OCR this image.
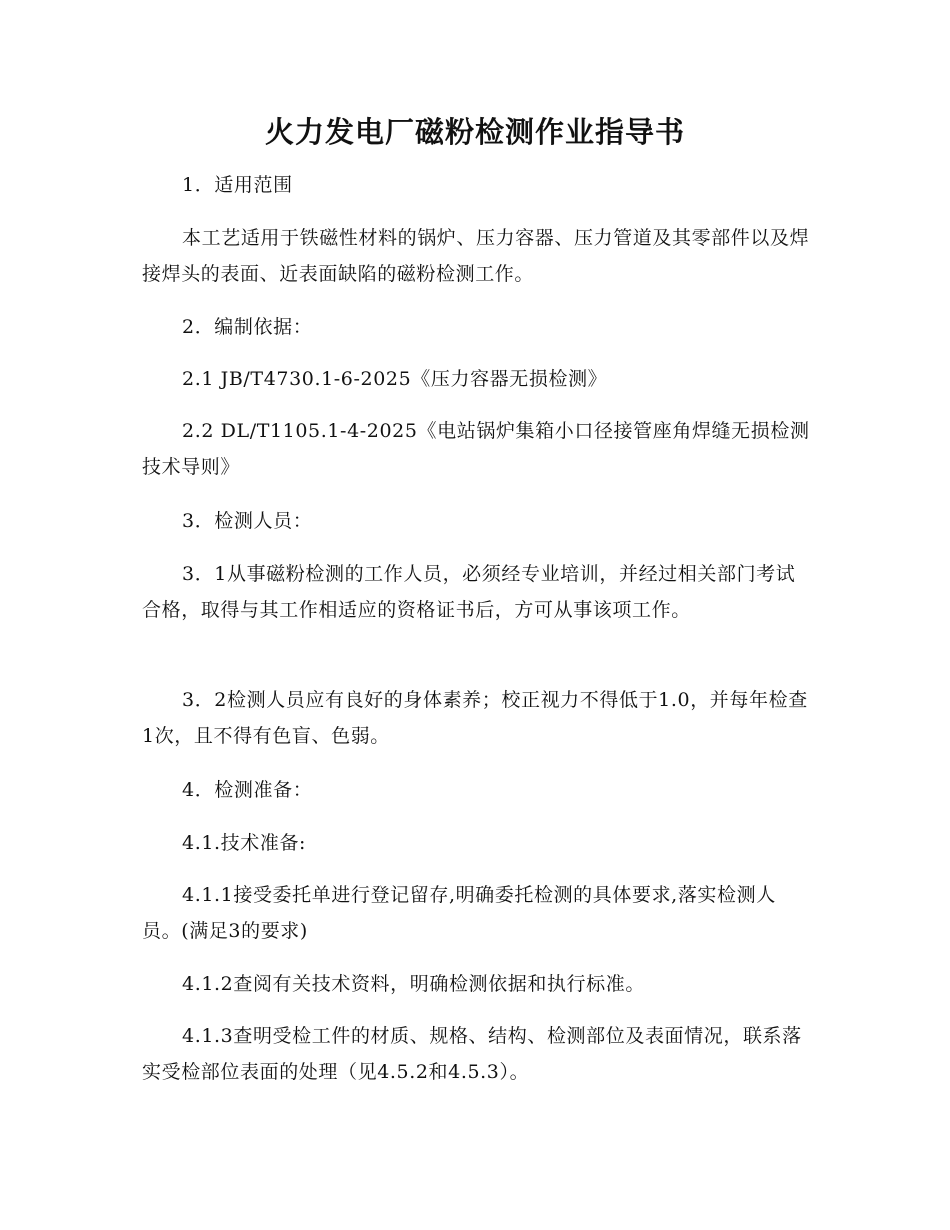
火力发电厂磁粉检测作业指导书
1．适用范围
本工艺适用于铁磁性材料的锅炉、压力容器、压力管道及其零部件以及焊接焊头的表面、近表面缺陷的磁粉检测工作。
2．编制依据：
2.1 JB/T4730.1-6-2025《压力容器无损检测》
2.2 DL/T1105.1-4-2025《电站锅炉集箱小口径接管座角焊缝无损检测技术导则》
3．检测人员：
3．1从事磁粉检测的工作人员，必须经专业培训，并经过相关部门考试合格，取得与其工作相适应的资格证书后，方可从事该项工作。
3．2检测人员应有良好的身体素养；校正视力不得低于1.0，并每年检查1次，且不得有色盲、色弱。
4．检测准备：
4.1.技术准备:
4.1.1接受委托单进行登记留存,明确委托检测的具体要求,落实检测人员。(满足3的要求)
4.1.2查阅有关技术资料，明确检测依据和执行标准。
4.1.3查明受检工件的材质、规格、结构、检测部位及表面情况，联系落实受检部位表面的处理（见4.5.2和4.5.3）。
